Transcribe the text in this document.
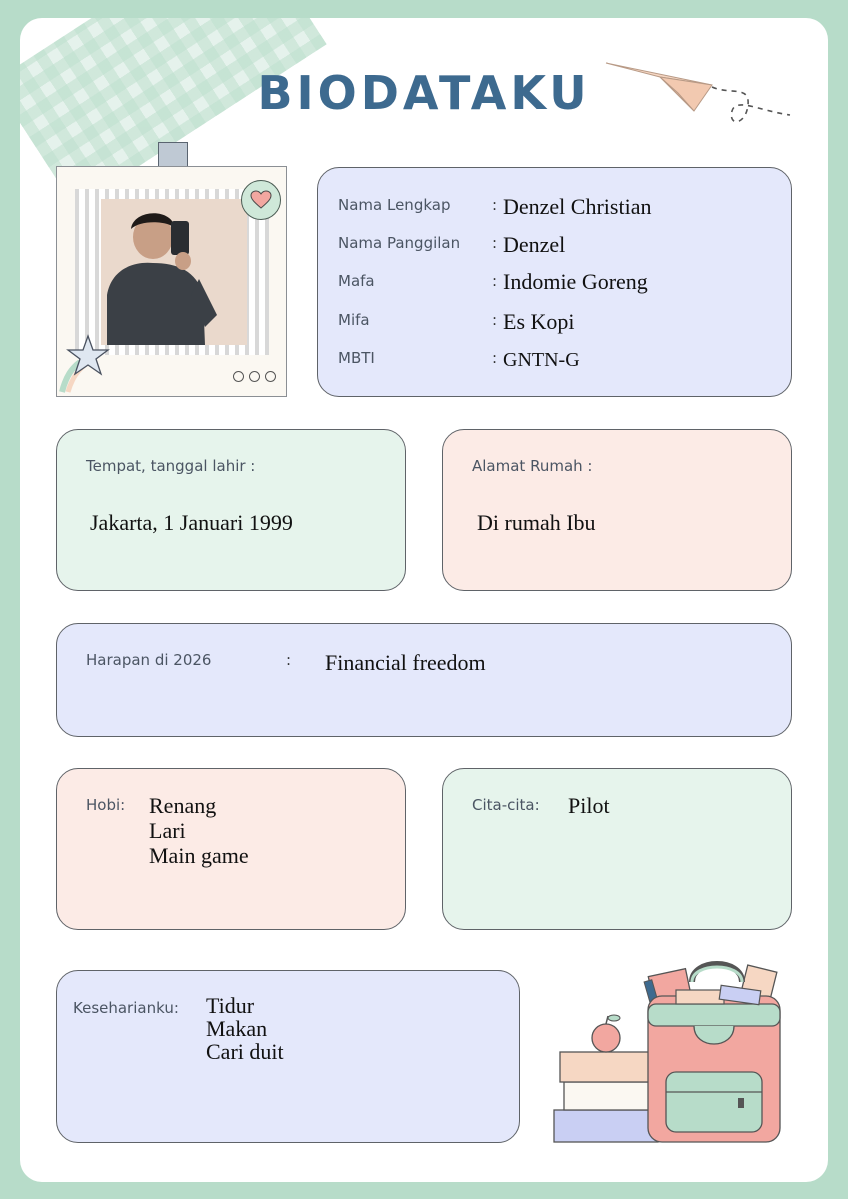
BIODATAKU
Nama Lengkap	: Denzel Christian
Nama Panggilan : Denzel
Mafa	: Indomie Goreng
Mifa	: Es Kopi
MBTI	: GNTN-G
Tempat, tanggal lahir :
Jakarta, 1 Januari 1999
Alamat Rumah :
Di rumah Ibu
Harapan di 2026	: Financial freedom
Hobi: Renang
Lari
Main game
Cita-cita: Pilot
Keseharianku: Tidur
Makan
Cari duit
